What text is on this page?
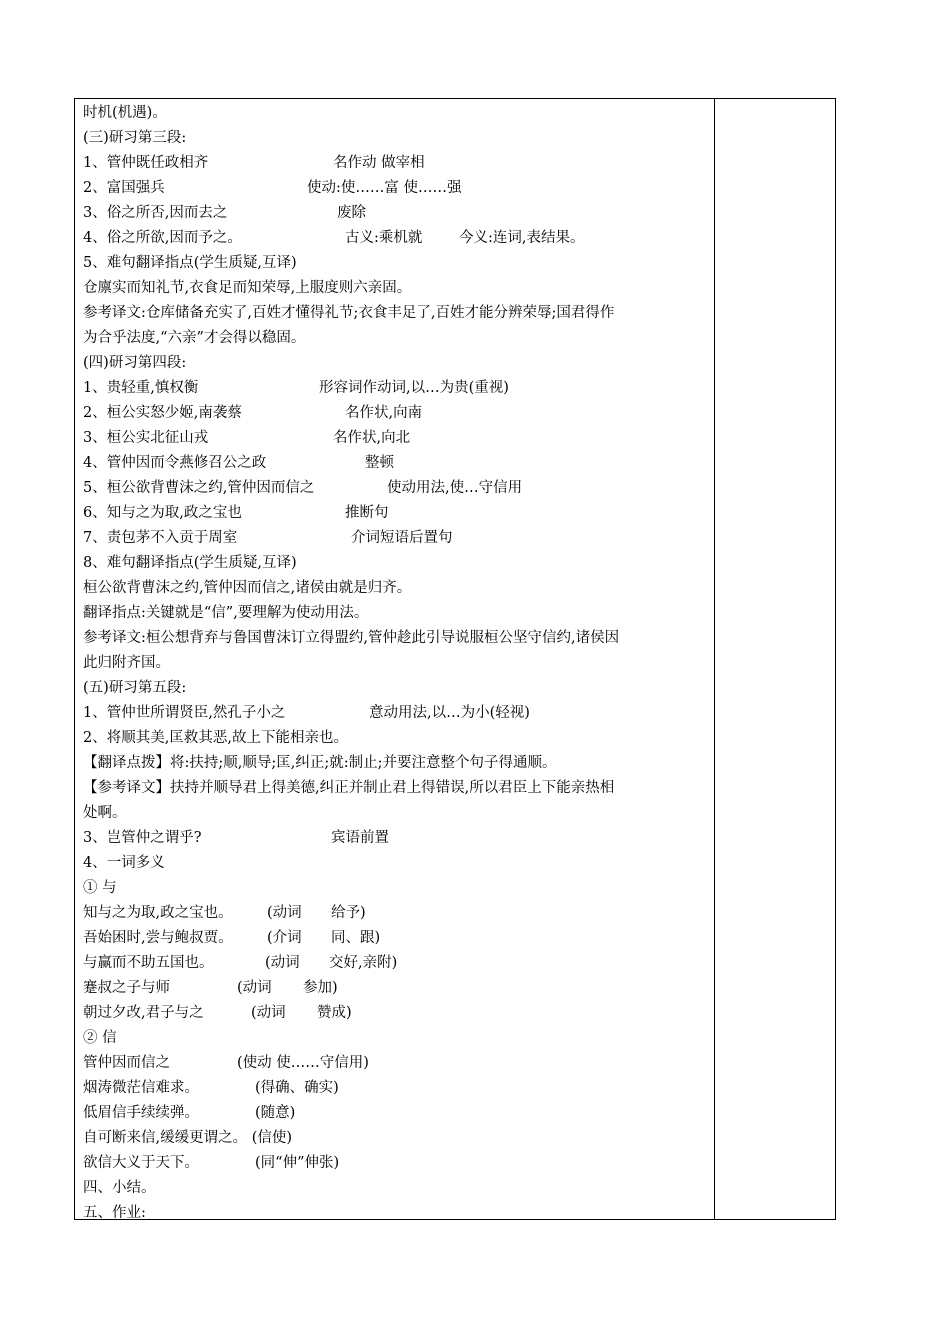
时机(机遇)。
(三)研习第三段:
1、管仲既任政相齐	名作动 做宰相
2、富国强兵	使动:使……富 使……强
3、俗之所否,因而去之	废除
4、俗之所欲,因而予之。	古义:乘机就	今义:连词,表结果。
5、难句翻译指点(学生质疑,互译)
仓廪实而知礼节,衣食足而知荣辱,上服度则六亲固。
参考译文:仓库储备充实了,百姓才懂得礼节;衣食丰足了,百姓才能分辨荣辱;国君得作
为合乎法度,“六亲”才会得以稳固。
(四)研习第四段:
1、贵轻重,慎权衡	形容词作动词,以…为贵(重视)
2、桓公实怒少姬,南袭蔡	名作状,向南
3、桓公实北征山戎	名作状,向北
4、管仲因而令燕修召公之政	整顿
5、桓公欲背曹沫之约,管仲因而信之	使动用法,使…守信用
6、知与之为取,政之宝也	推断句
7、责包茅不入贡于周室	介词短语后置句
8、难句翻译指点(学生质疑,互译)
桓公欲背曹沫之约,管仲因而信之,诸侯由就是归齐。
翻译指点:关键就是“信”,要理解为使动用法。
参考译文:桓公想背弃与鲁国曹沫订立得盟约,管仲趁此引导说服桓公坚守信约,诸侯因
此归附齐国。
(五)研习第五段:
1、管仲世所谓贤臣,然孔子小之	意动用法,以…为小(轻视)
2、将顺其美,匡救其恶,故上下能相亲也。
【翻译点拨】将:扶持;顺,顺导;匡,纠正;就:制止;并要注意整个句子得通顺。
【参考译文】扶持并顺导君上得美德,纠正并制止君上得错误,所以君臣上下能亲热相
处啊。
3、岂管仲之谓乎?	宾语前置
4、一词多义
① 与
知与之为取,政之宝也。 (动词 给予)
吾始困时,尝与鲍叔贾。 (介词 同、跟)
与赢而不助五国也。	(动词 交好,亲附)
蹇叔之子与师	(动词 参加)
朝过夕改,君子与之	(动词 赞成)
② 信
管仲因而信之	(使动 使……守信用)
烟涛微茫信难求。	(得确、确实)
低眉信手续续弹。	(随意)
自可断来信,缓缓更谓之。 (信使)
欲信大义于天下。	(同“伸”伸张)
四、小结。
五、作业:
